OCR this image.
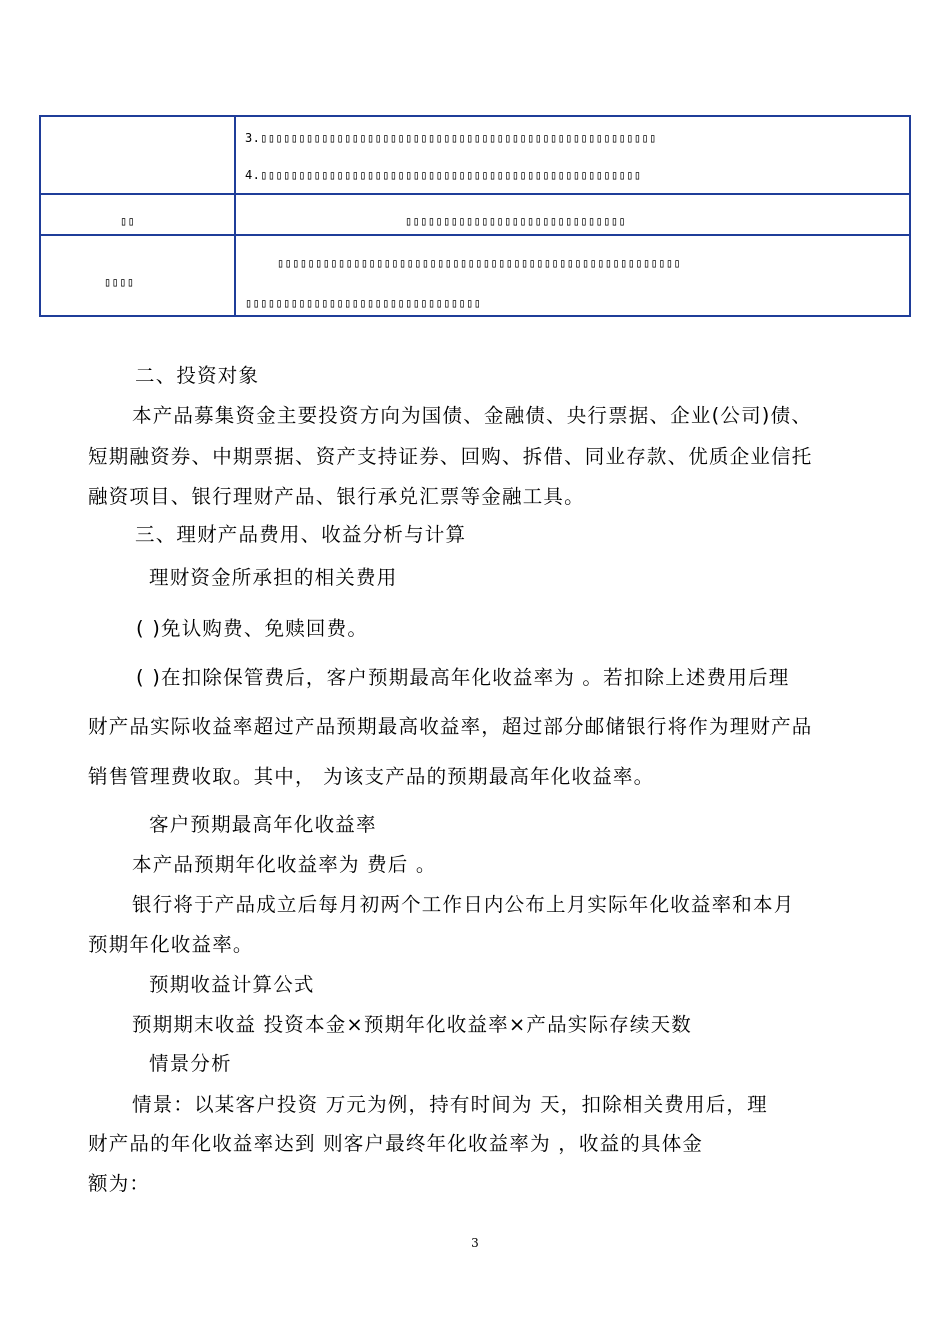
3.▯▯▯▯▯▯▯▯▯▯▯▯▯▯▯▯▯▯▯▯▯▯▯▯▯▯▯▯▯▯▯▯▯▯▯▯▯▯▯▯▯▯▯▯▯▯▯▯▯▯▯▯
4.▯▯▯▯▯▯▯▯▯▯▯▯▯▯▯▯▯▯▯▯▯▯▯▯▯▯▯▯▯▯▯▯▯▯▯▯▯▯▯▯▯▯▯▯▯▯▯▯▯▯
▯▯	▯▯▯▯▯▯▯▯▯▯▯▯▯▯▯▯▯▯▯▯▯▯▯▯▯▯▯▯▯
▯▯▯▯
▯▯▯▯▯▯▯▯▯▯▯▯▯▯▯▯▯▯▯▯▯▯▯▯▯▯▯▯▯▯▯▯▯▯▯▯▯▯▯▯▯▯▯▯▯▯▯▯▯▯▯▯▯
▯▯▯▯▯▯▯▯▯▯▯▯▯▯▯▯▯▯▯▯▯▯▯▯▯▯▯▯▯▯▯
二、投资对象
本产品募集资金主要投资方向为国债、金融债、央行票据、企业(公司)债、
短期融资券、中期票据、资产支持证券、回购、拆借、同业存款、优质企业信托
融资项目、银行理财产品、银行承兑汇票等金融工具。
三、理财产品费用、收益分析与计算
理财资金所承担的相关费用
( )免认购费、免赎回费。
( )在扣除保管费后，客户预期最高年化收益率为 。若扣除上述费用后理
财产品实际收益率超过产品预期最高收益率，超过部分邮储银行将作为理财产品
销售管理费收取。其中， 为该支产品的预期最高年化收益率。
客户预期最高年化收益率
本产品预期年化收益率为 费后 。
银行将于产品成立后每月初两个工作日内公布上月实际年化收益率和本月
预期年化收益率。
预期收益计算公式
预期期末收益 投资本金×预期年化收益率×产品实际存续天数
情景分析
情景：以某客户投资 万元为例，持有时间为 天，扣除相关费用后，理
财产品的年化收益率达到 则客户最终年化收益率为 ，收益的具体金
额为：
3
